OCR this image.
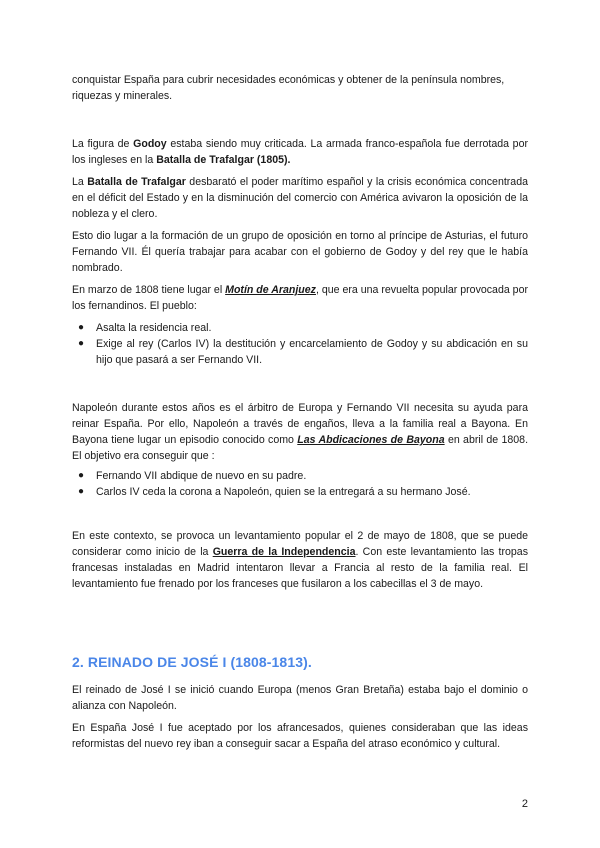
conquistar España para cubrir necesidades económicas y obtener de la península nombres, riquezas y minerales.

La figura de Godoy estaba siendo muy criticada. La armada franco-española fue derrotada por los ingleses en la Batalla de Trafalgar (1805).

La Batalla de Trafalgar desbarató el poder marítimo español y la crisis económica concentrada en el déficit del Estado y en la disminución del comercio con América avivaron la oposición de la nobleza y el clero.

Esto dio lugar a la formación de un grupo de oposición en torno al príncipe de Asturias, el futuro Fernando VII. Él quería trabajar para acabar con el gobierno de Godoy y del rey que le había nombrado.

En marzo de 1808 tiene lugar el Motín de Aranjuez, que era una revuelta popular provocada por los fernandinos. El pueblo:

● Asalta la residencia real.
● Exige al rey (Carlos IV) la destitución y encarcelamiento de Godoy y su abdicación en su hijo que pasará a ser Fernando VII.

Napoleón durante estos años es el árbitro de Europa y Fernando VII necesita su ayuda para reinar España. Por ello, Napoleón a través de engaños, lleva a la familia real a Bayona. En Bayona tiene lugar un episodio conocido como Las Abdicaciones de Bayona en abril de 1808. El objetivo era conseguir que :

● Fernando VII abdique de nuevo en su padre.
● Carlos IV ceda la corona a Napoleón, quien se la entregará a su hermano José.

En este contexto, se provoca un levantamiento popular el 2 de mayo de 1808, que se puede considerar como inicio de la Guerra de la Independencia. Con este levantamiento las tropas francesas instaladas en Madrid intentaron llevar a Francia al resto de la familia real. El levantamiento fue frenado por los franceses que fusilaron a los cabecillas el 3 de mayo.

2. REINADO DE JOSÉ I (1808-1813).

El reinado de José I se inició cuando Europa (menos Gran Bretaña) estaba bajo el dominio o alianza con Napoleón.

En España José I fue aceptado por los afrancesados, quienes consideraban que las ideas reformistas del nuevo rey iban a conseguir sacar a España del atraso económico y cultural.

2
